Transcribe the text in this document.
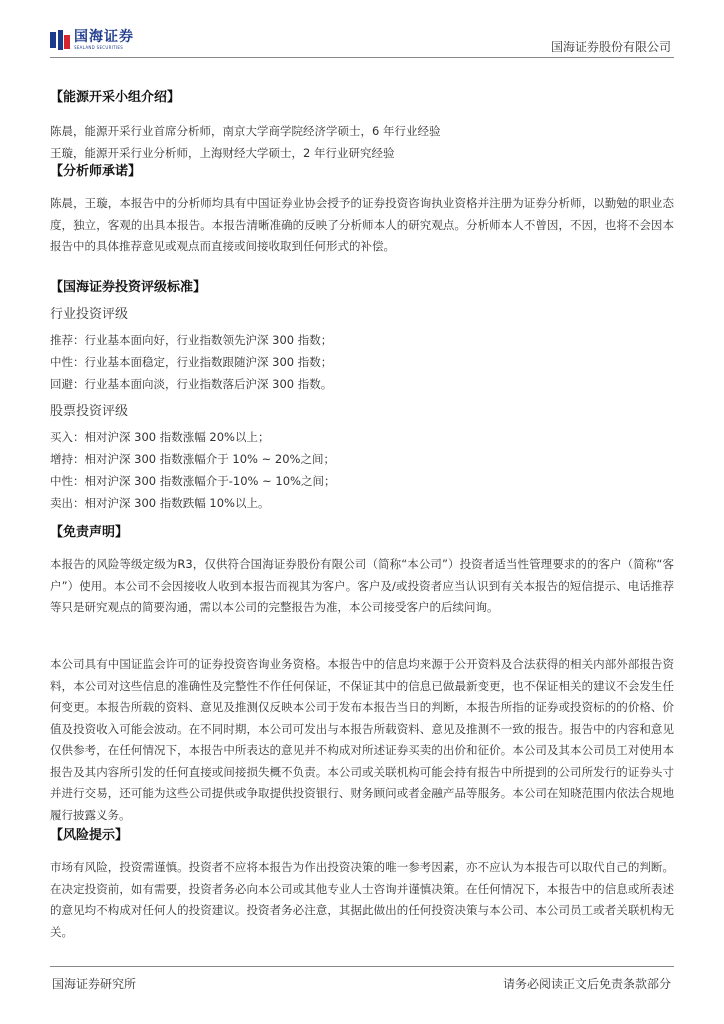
国海证券
SEALAND SECURITIES	国海证券股份有限公司
【能源开采小组介绍】
陈晨，能源开采行业首席分析师，南京大学商学院经济学硕士，6 年行业经验
王璇，能源开采行业分析师，上海财经大学硕士，2 年行业研究经验
【分析师承诺】
陈晨，王璇，本报告中的分析师均具有中国证券业协会授予的证券投资咨询执业资格并注册为证券分析师，以勤勉的职业态度，独立，客观的出具本报告。本报告清晰准确的反映了分析师本人的研究观点。分析师本人不曾因，不因，也将不会因本报告中的具体推荐意见或观点而直接或间接收取到任何形式的补偿。
【国海证券投资评级标准】
行业投资评级
推荐：行业基本面向好，行业指数领先沪深 300 指数；
中性：行业基本面稳定，行业指数跟随沪深 300 指数；
回避：行业基本面向淡，行业指数落后沪深 300 指数。
股票投资评级
买入：相对沪深 300 指数涨幅 20%以上；
增持：相对沪深 300 指数涨幅介于 10% ~ 20%之间；
中性：相对沪深 300 指数涨幅介于-10% ~ 10%之间；
卖出：相对沪深 300 指数跌幅 10%以上。
【免责声明】
本报告的风险等级定级为R3，仅供符合国海证券股份有限公司（简称“本公司”）投资者适当性管理要求的的客户（简称“客户”）使用。本公司不会因接收人收到本报告而视其为客户。客户及/或投资者应当认识到有关本报告的短信提示、电话推荐等只是研究观点的简要沟通，需以本公司的完整报告为准，本公司接受客户的后续问询。
本公司具有中国证监会许可的证券投资咨询业务资格。本报告中的信息均来源于公开资料及合法获得的相关内部外部报告资料，本公司对这些信息的准确性及完整性不作任何保证，不保证其中的信息已做最新变更，也不保证相关的建议不会发生任何变更。本报告所载的资料、意见及推测仅反映本公司于发布本报告当日的判断，本报告所指的证券或投资标的的价格、价值及投资收入可能会波动。在不同时期，本公司可发出与本报告所载资料、意见及推测不一致的报告。报告中的内容和意见仅供参考，在任何情况下，本报告中所表达的意见并不构成对所述证券买卖的出价和征价。本公司及其本公司员工对使用本报告及其内容所引发的任何直接或间接损失概不负责。本公司或关联机构可能会持有报告中所提到的公司所发行的证券头寸并进行交易，还可能为这些公司提供或争取提供投资银行、财务顾问或者金融产品等服务。本公司在知晓范围内依法合规地履行披露义务。
【风险提示】
市场有风险，投资需谨慎。投资者不应将本报告为作出投资决策的唯一参考因素，亦不应认为本报告可以取代自己的判断。在决定投资前，如有需要，投资者务必向本公司或其他专业人士咨询并谨慎决策。在任何情况下，本报告中的信息或所表述的意见均不构成对任何人的投资建议。投资者务必注意，其据此做出的任何投资决策与本公司、本公司员工或者关联机构无关。
国海证券研究所	请务必阅读正文后免责条款部分
